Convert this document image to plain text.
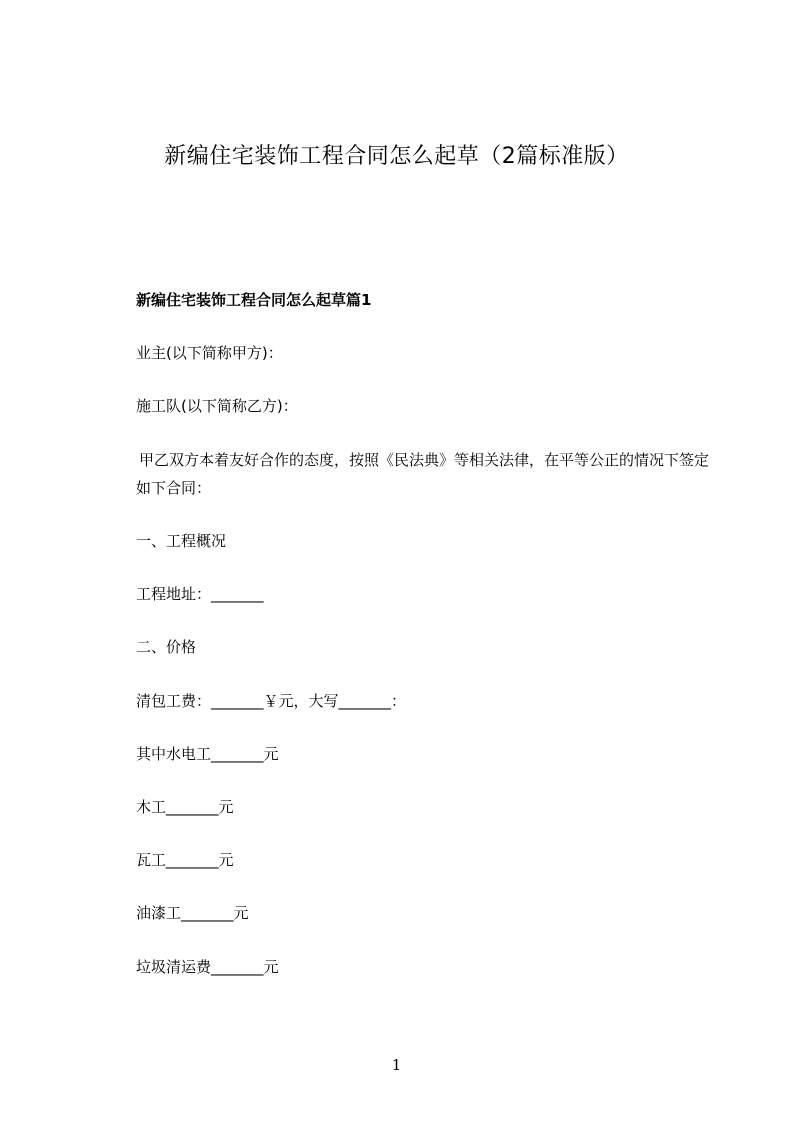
新编住宅装饰工程合同怎么起草（2篇标准版）
新编住宅装饰工程合同怎么起草篇1
业主(以下简称甲方)：
施工队(以下简称乙方)：
甲乙双方本着友好合作的态度，按照《民法典》等相关法律，在平等公正的情况下签定如下合同：
一、工程概况
工程地址：_______
二、价格
清包工费：_______￥元，大写_______：
其中水电工_______元
木工_______元
瓦工_______元
油漆工_______元
垃圾清运费_______元
1
